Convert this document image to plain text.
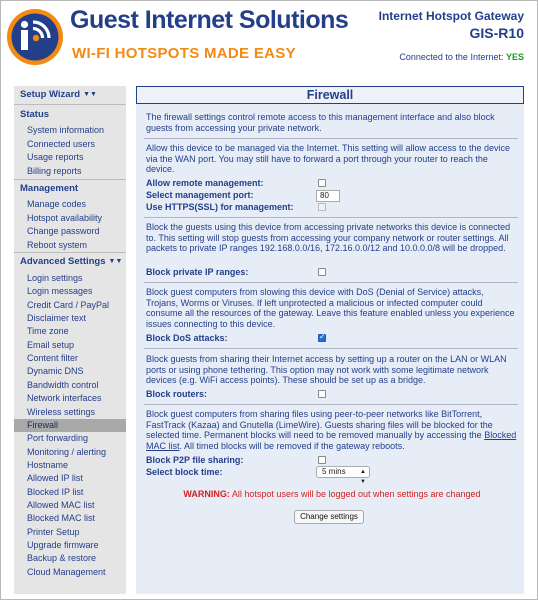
Guest Internet Solutions
WI-FI HOTSPOTS MADE EASY
Internet Hotspot Gateway
GIS-R10
Connected to the Internet: YES
Setup Wizard ▼▼
Status
System information
Connected users
Usage reports
Billing reports
Management
Manage codes
Hotspot availability
Change password
Reboot system
Advanced Settings ▼▼
Login settings
Login messages
Credit Card / PayPal
Disclaimer text
Time zone
Email setup
Content filter
Dynamic DNS
Bandwidth control
Network interfaces
Wireless settings
Firewall
Port forwarding
Monitoring / alerting
Hostname
Allowed IP list
Blocked IP list
Allowed MAC list
Blocked MAC list
Printer Setup
Upgrade firmware
Backup & restore
Cloud Management
Firewall
The firewall settings control remote access to this management interface and also block guests from accessing your private network.
Allow this device to be managed via the Internet. This setting will allow access to the device via the WAN port. You may still have to forward a port through your router to reach the device.
Allow remote management:
Select management port:	80
Use HTTPS(SSL) for management:
Block the guests using this device from accessing private networks this device is connected to. This setting will stop guests from accessing your company network or router settings. All packets to private IP ranges 192.168.0.0/16, 172.16.0.0/12 and 10.0.0.0/8 will be dropped.
Block private IP ranges:
Block guest computers from slowing this device with DoS (Denial of Service) attacks, Trojans, Worms or Viruses. If left unprotected a malicious or infected computer could consume all the resources of the gateway. Leave this feature enabled unless you experience issues connecting to this device.
Block DoS attacks:
✓
Block guests from sharing their Internet access by setting up a router on the LAN or WLAN ports or using phone tethering. This option may not work with some legitimate network devices (e.g. WiFi access points). These should be set up as a bridge.
Block routers:
Block guest computers from sharing files using peer-to-peer networks like BitTorrent, FastTrack (Kazaa) and Gnutella (LimeWire). Guests sharing files will be blocked for the selected time. Permanent blocks will need to be removed manually by accessing the Blocked MAC list. All timed blocks will be removed if the gateway reboots.
Block P2P file sharing:
Select block time:	5 mins ▲
▼
WARNING: All hotspot users will be logged out when settings are changed
Change settings
